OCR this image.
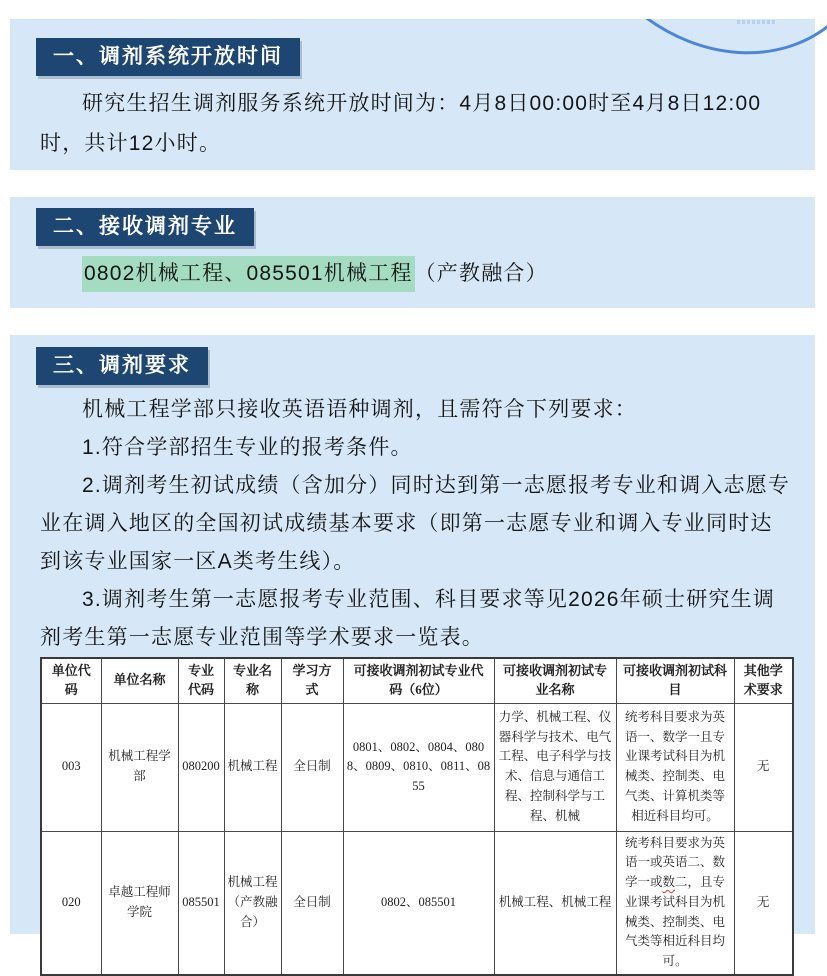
一、调剂系统开放时间

研究生招生调剂服务系统开放时间为：4月8日00:00时至4月8日12:00时，共计12小时。

二、接收调剂专业

0802机械工程、085501机械工程（产教融合）

三、调剂要求

机械工程学部只接收英语语种调剂，且需符合下列要求：

1.符合学部招生专业的报考条件。

2.调剂考生初试成绩（含加分）同时达到第一志愿报考专业和调入志愿专业在调入地区的全国初试成绩基本要求（即第一志愿专业和调入专业同时达到该专业国家一区A类考生线）。

3.调剂考生第一志愿报考专业范围、科目要求等见2026年硕士研究生调剂考生第一志愿专业范围等学术要求一览表。

单位代码	单位名称	专业代码	专业名称	学习方式	可接收调剂初试专业代码（6位）	可接收调剂初试专业名称	可接收调剂初试科目	其他学术要求
003	机械工程学部	080200	机械工程	全日制	0801、0802、0804、0808、0809、0810、0811、0855	力学、机械工程、仪器科学与技术、电气工程、电子科学与技术、信息与通信工程、控制科学与工程、机械	统考科目要求为英语一、数学一且专业课考试科目为机械类、控制类、电气类、计算机类等相近科目均可。	无
020	卓越工程师学院	085501	机械工程（产教融合）	全日制	0802、085501	机械工程、机械工程	统考科目要求为英语一或英语二、数学一或数二，且专业课考试科目为机械类、控制类、电气类等相近科目均可。	无
